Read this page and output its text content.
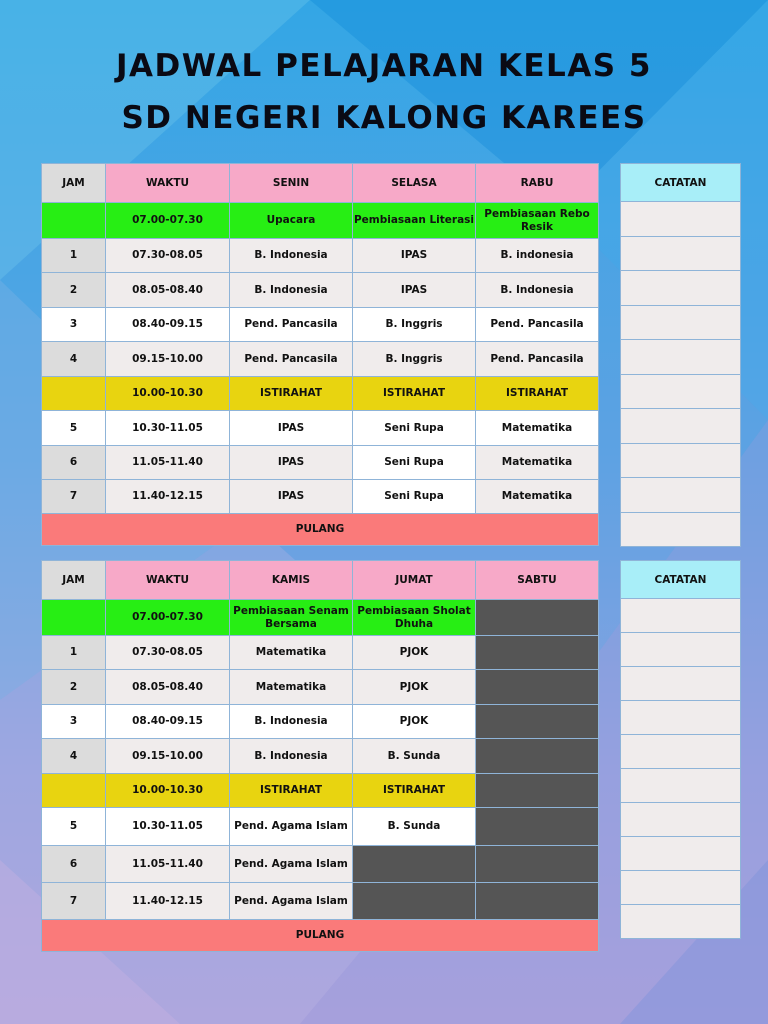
JADWAL PELAJARAN KELAS 5
SD NEGERI KALONG KAREES
JAM	WAKTU	SENIN	SELASA	RABU
	07.00-07.30	Upacara	Pembiasaan Literasi	Pembiasaan Rebo Resik
1	07.30-08.05	B. Indonesia	IPAS	B. indonesia
2	08.05-08.40	B. Indonesia	IPAS	B. Indonesia
3	08.40-09.15	Pend. Pancasila	B. Inggris	Pend. Pancasila
4	09.15-10.00	Pend. Pancasila	B. Inggris	Pend. Pancasila
	10.00-10.30	ISTIRAHAT	ISTIRAHAT	ISTIRAHAT
5	10.30-11.05	IPAS	Seni Rupa	Matematika
6	11.05-11.40	IPAS	Seni Rupa	Matematika
7	11.40-12.15	IPAS	Seni Rupa	Matematika
PULANG				
CATATAN
JAM	WAKTU	KAMIS	JUMAT	SABTU
	07.00-07.30	Pembiasaan Senam Bersama	Pembiasaan Sholat Dhuha	
1	07.30-08.05	Matematika	PJOK	
2	08.05-08.40	Matematika	PJOK	
3	08.40-09.15	B. Indonesia	PJOK	
4	09.15-10.00	B. Indonesia	B. Sunda	
	10.00-10.30	ISTIRAHAT	ISTIRAHAT	
5	10.30-11.05	Pend. Agama Islam	B. Sunda	
6	11.05-11.40	Pend. Agama Islam		
7	11.40-12.15	Pend. Agama Islam		
PULANG				
CATATAN
